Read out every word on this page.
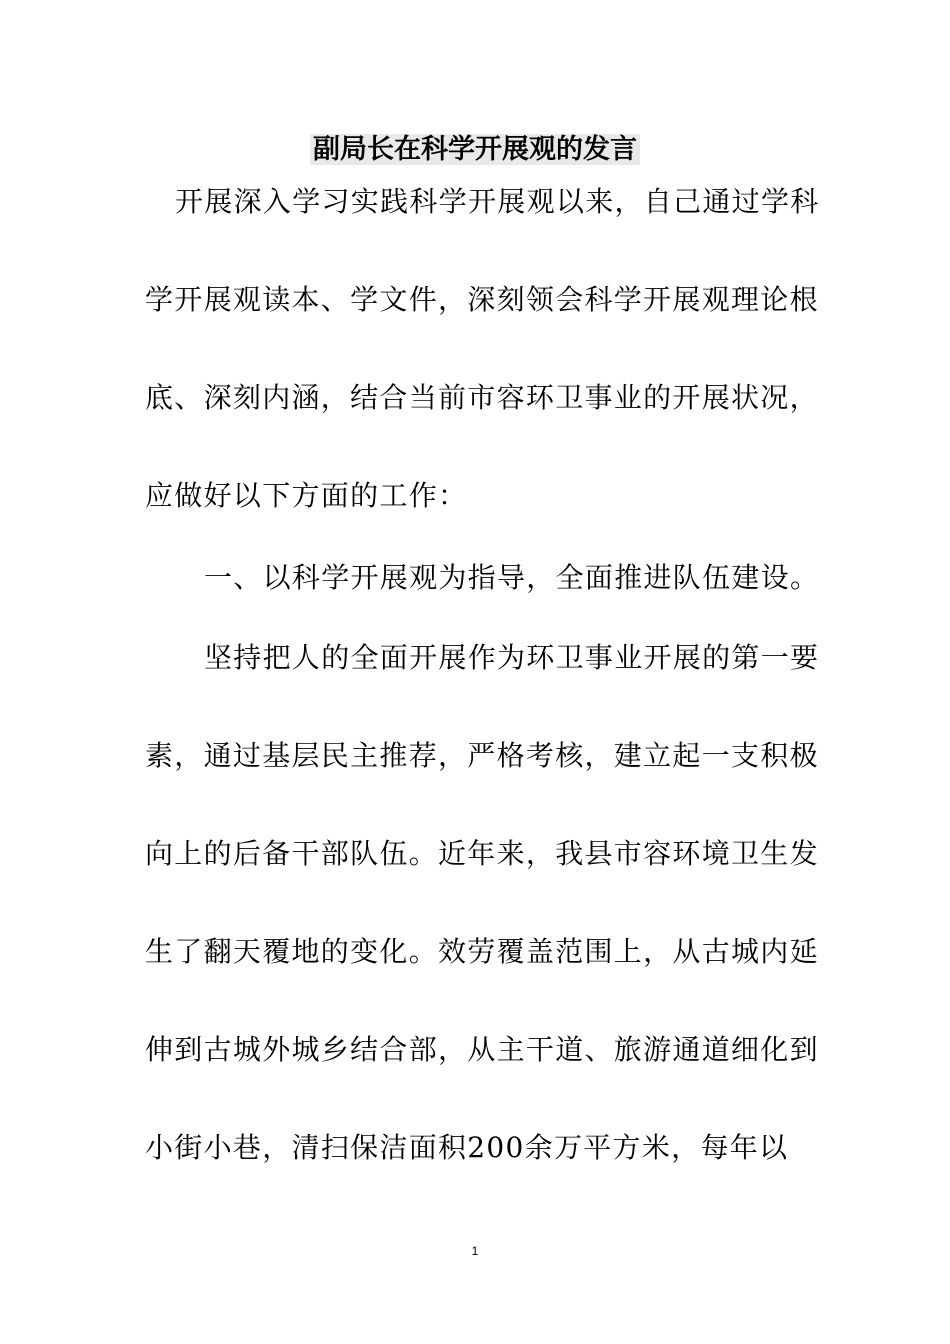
副局长在科学开展观的发言
开展深入学习实践科学开展观以来，自己通过学科
学开展观读本、学文件，深刻领会科学开展观理论根
底、深刻内涵，结合当前市容环卫事业的开展状况，
应做好以下方面的工作：
一、以科学开展观为指导，全面推进队伍建设。
坚持把人的全面开展作为环卫事业开展的第一要
素，通过基层民主推荐，严格考核，建立起一支积极
向上的后备干部队伍。近年来，我县市容环境卫生发
生了翻天覆地的变化。效劳覆盖范围上，从古城内延
伸到古城外城乡结合部，从主干道、旅游通道细化到
小街小巷，清扫保洁面积200余万平方米，每年以
1
